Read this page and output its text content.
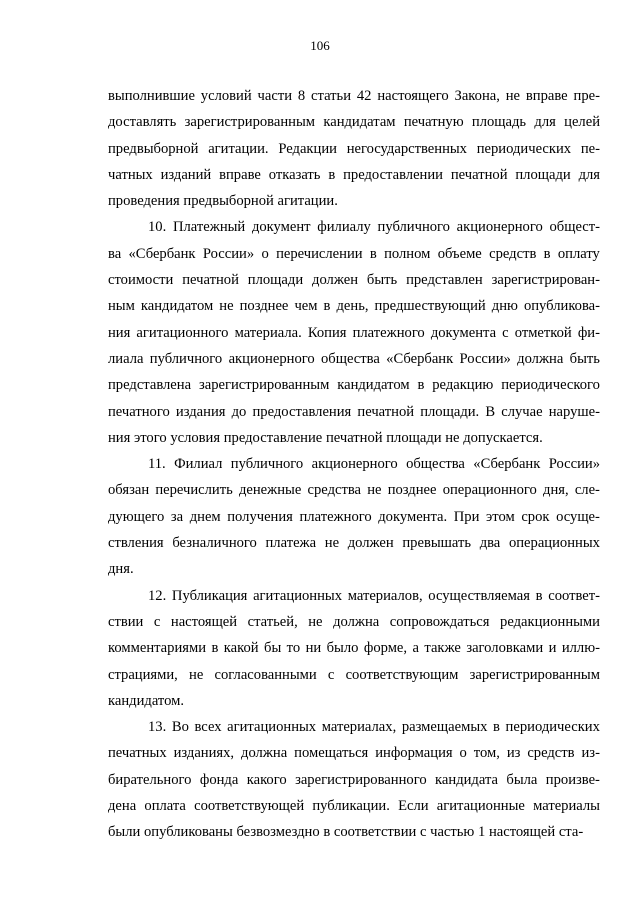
106
выполнившие условий части 8 статьи 42 настоящего Закона, не вправе пре-
доставлять зарегистрированным кандидатам печатную площадь для целей
предвыборной агитации. Редакции негосударственных периодических пе-
чатных изданий вправе отказать в предоставлении печатной площади для
проведения предвыборной агитации.
10. Платежный документ филиалу публичного акционерного общест-
ва «Сбербанк России» о перечислении в полном объеме средств в оплату
стоимости печатной площади должен быть представлен зарегистрирован-
ным кандидатом не позднее чем в день, предшествующий дню опубликова-
ния агитационного материала. Копия платежного документа с отметкой фи-
лиала публичного акционерного общества «Сбербанк России» должна быть
представлена зарегистрированным кандидатом в редакцию периодического
печатного издания до предоставления печатной площади. В случае наруше-
ния этого условия предоставление печатной площади не допускается.
11. Филиал публичного акционерного общества «Сбербанк России»
обязан перечислить денежные средства не позднее операционного дня, сле-
дующего за днем получения платежного документа. При этом срок осуще-
ствления безналичного платежа не должен превышать два операционных
дня.
12. Публикация агитационных материалов, осуществляемая в соответ-
ствии с настоящей статьей, не должна сопровождаться редакционными
комментариями в какой бы то ни было форме, а также заголовками и иллю-
страциями, не согласованными с соответствующим зарегистрированным
кандидатом.
13. Во всех агитационных материалах, размещаемых в периодических
печатных изданиях, должна помещаться информация о том, из средств из-
бирательного фонда какого зарегистрированного кандидата была произве-
дена оплата соответствующей публикации. Если агитационные материалы
были опубликованы безвозмездно в соответствии с частью 1 настоящей ста-
